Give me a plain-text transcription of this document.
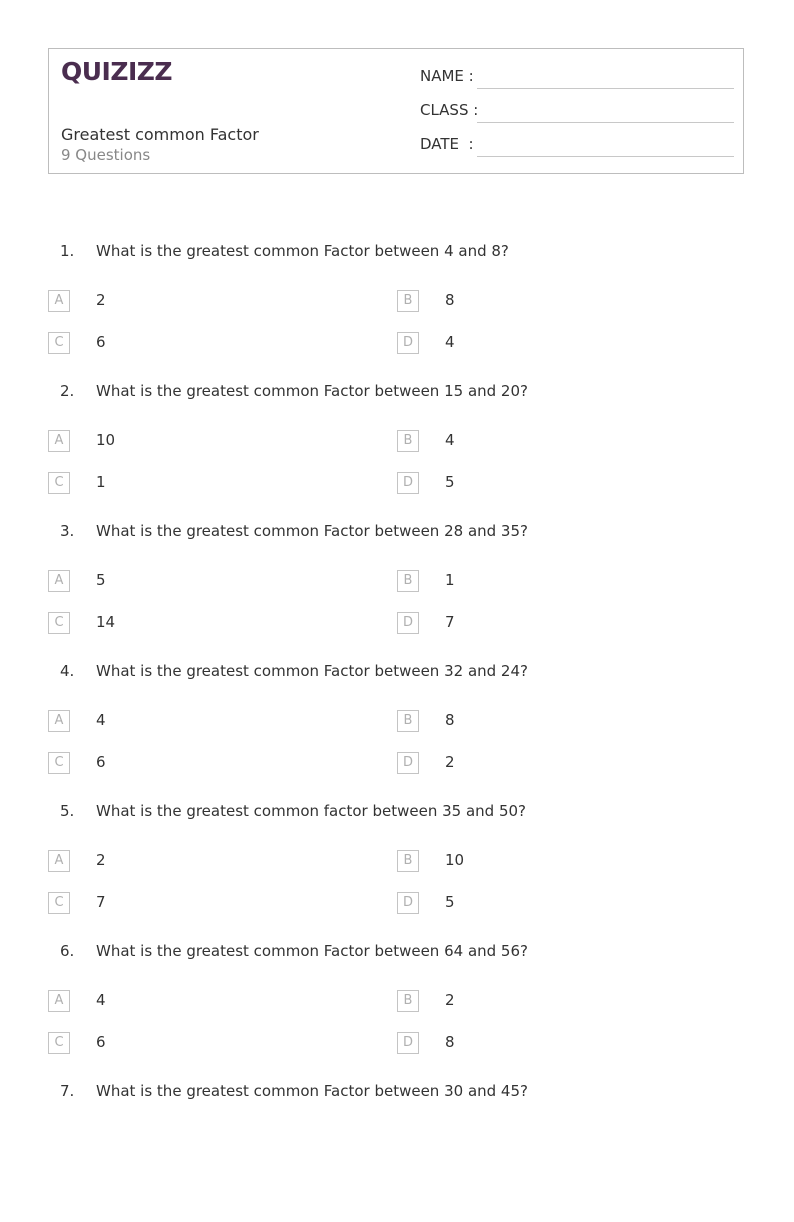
QUIZIZZ
Greatest common Factor
9 Questions
NAME :
CLASS :
DATE  :
1. What is the greatest common Factor between 4 and 8?
A	2	B	8
C	6	D	4
2. What is the greatest common Factor between 15 and 20?
A	10	B	4
C	1	D	5
3. What is the greatest common Factor between 28 and 35?
A	5	B	1
C	14	D	7
4. What is the greatest common Factor between 32 and 24?
A	4	B	8
C	6	D	2
5. What is the greatest common factor between 35 and 50?
A	2	B	10
C	7	D	5
6. What is the greatest common Factor between 64 and 56?
A	4	B	2
C	6	D	8
7. What is the greatest common Factor between 30 and 45?
